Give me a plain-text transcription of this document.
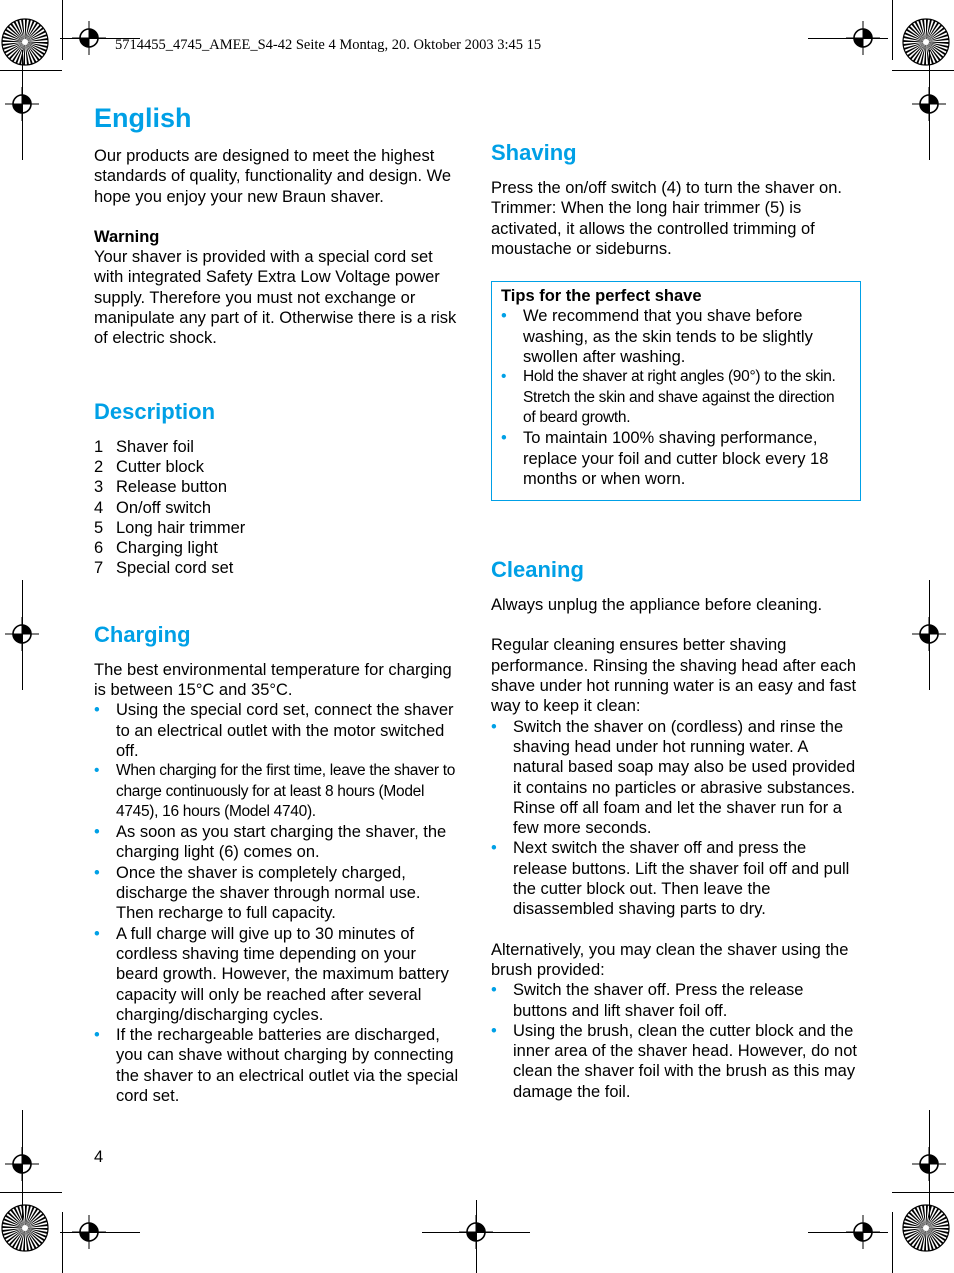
5714455_4745_AMEE_S4-42 Seite 4 Montag, 20. Oktober 2003 3:45 15
English

Our products are designed to meet the highest standards of quality, functionality and design. We hope you enjoy your new Braun shaver.

Warning

Your shaver is provided with a special cord set with integrated Safety Extra Low Voltage power supply. Therefore you must not exchange or manipulate any part of it. Otherwise there is a risk of electric shock.

Description
1 Shaver foil
2 Cutter block
3 Release button
4 On/off switch
5 Long hair trimmer
6 Charging light
7 Special cord set
Charging

The best environmental temperature for charging is between 15°C and 35°C.

• Using the special cord set, connect the shaver to an electrical outlet with the motor switched off.
• When charging for the first time, leave the shaver to charge continuously for at least 8 hours (Model 4745), 16 hours (Model 4740).
• As soon as you start charging the shaver, the charging light (6) comes on.
• Once the shaver is completely charged, discharge the shaver through normal use. Then recharge to full capacity.
• A full charge will give up to 30 minutes of cordless shaving time depending on your beard growth. However, the maximum battery capacity will only be reached after several charging/discharging cycles.
• If the rechargeable batteries are discharged, you can shave without charging by connecting the shaver to an electrical outlet via the special cord set.
Shaving

Press the on/off switch (4) to turn the shaver on.

Trimmer: When the long hair trimmer (5) is activated, it allows the controlled trimming of moustache or sideburns.

Tips for the perfect shave

• We recommend that you shave before washing, as the skin tends to be slightly swollen after washing.
• Hold the shaver at right angles (90°) to the skin. Stretch the skin and shave against the direction of beard growth.
• To maintain 100% shaving performance, replace your foil and cutter block every 18 months or when worn.
Cleaning

Always unplug the appliance before cleaning.

Regular cleaning ensures better shaving performance. Rinsing the shaving head after each shave under hot running water is an easy and fast way to keep it clean:

• Switch the shaver on (cordless) and rinse the shaving head under hot running water. A natural based soap may also be used provided it contains no particles or abrasive substances. Rinse off all foam and let the shaver run for a few more seconds.
• Next switch the shaver off and press the release buttons. Lift the shaver foil off and pull the cutter block out. Then leave the disassembled shaving parts to dry.

Alternatively, you may clean the shaver using the brush provided:

• Switch the shaver off. Press the release buttons and lift shaver foil off.
• Using the brush, clean the cutter block and the inner area of the shaver head. However, do not clean the shaver foil with the brush as this may damage the foil.
4
